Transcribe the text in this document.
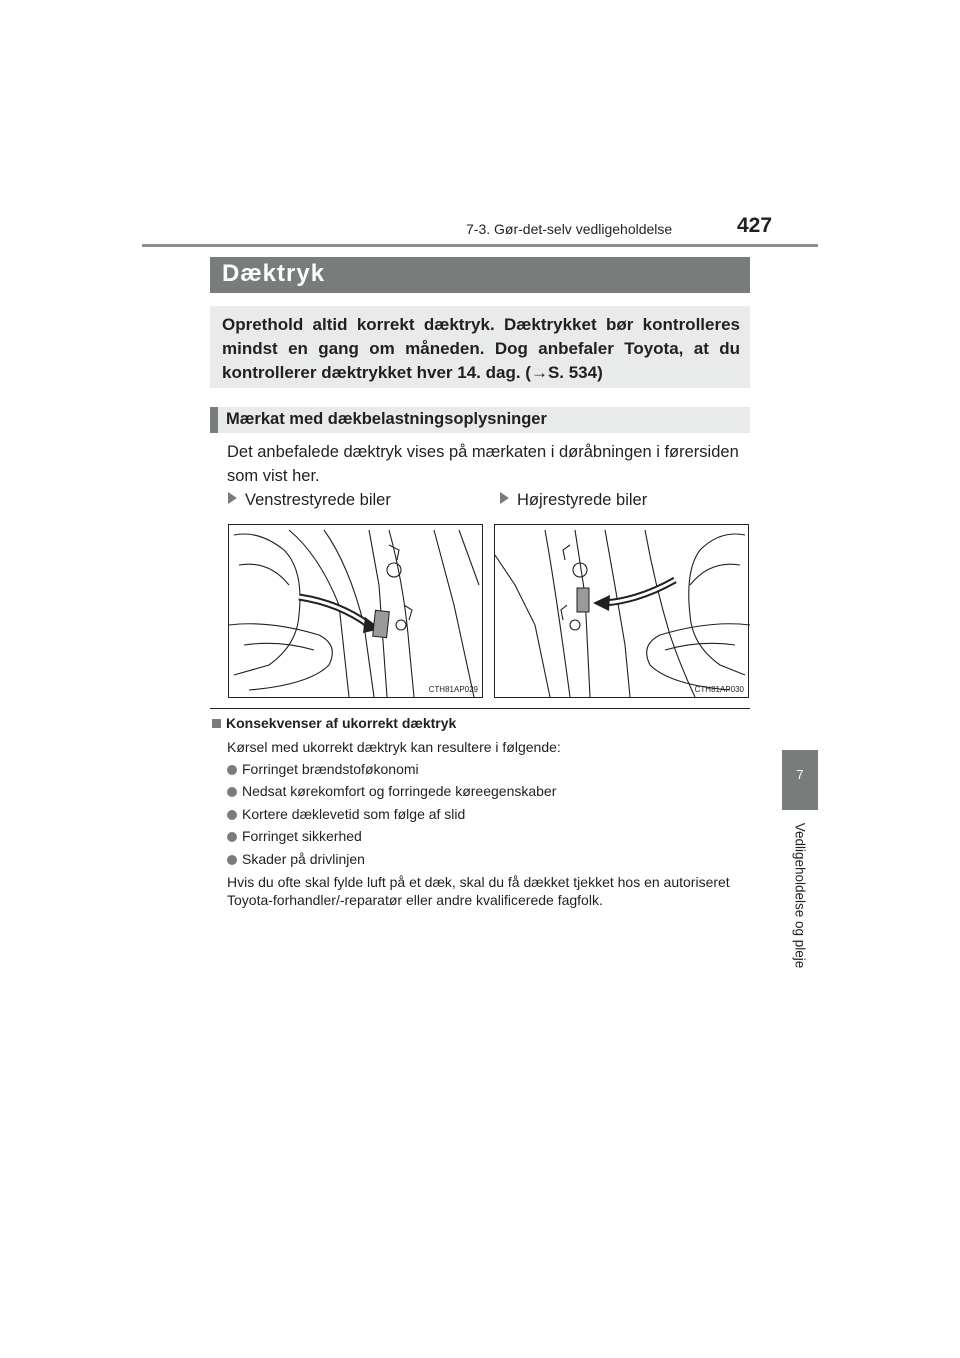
7-3. Gør-det-selv vedligeholdelse	427
7
Vedligeholdelse og pleje
Dæktryk
Oprethold altid korrekt dæktryk. Dæktrykket bør kontrolleres mindst en gang om måneden. Dog anbefaler Toyota, at du kontrollerer dæktrykket hver 14. dag. (→S. 534)
Mærkat med dækbelastningsoplysninger
Det anbefalede dæktryk vises på mærkaten i døråbningen i førersiden som vist her.
Venstrestyrede biler	Højrestyrede biler
CTH81AP029	CTH81AP030
Konsekvenser af ukorrekt dæktryk
Kørsel med ukorrekt dæktryk kan resultere i følgende:
Forringet brændstoføkonomi
Nedsat kørekomfort og forringede køreegenskaber
Kortere dæklevetid som følge af slid
Forringet sikkerhed
Skader på drivlinjen
Hvis du ofte skal fylde luft på et dæk, skal du få dækket tjekket hos en autoriseret Toyota-forhandler/-reparatør eller andre kvalificerede fagfolk.
